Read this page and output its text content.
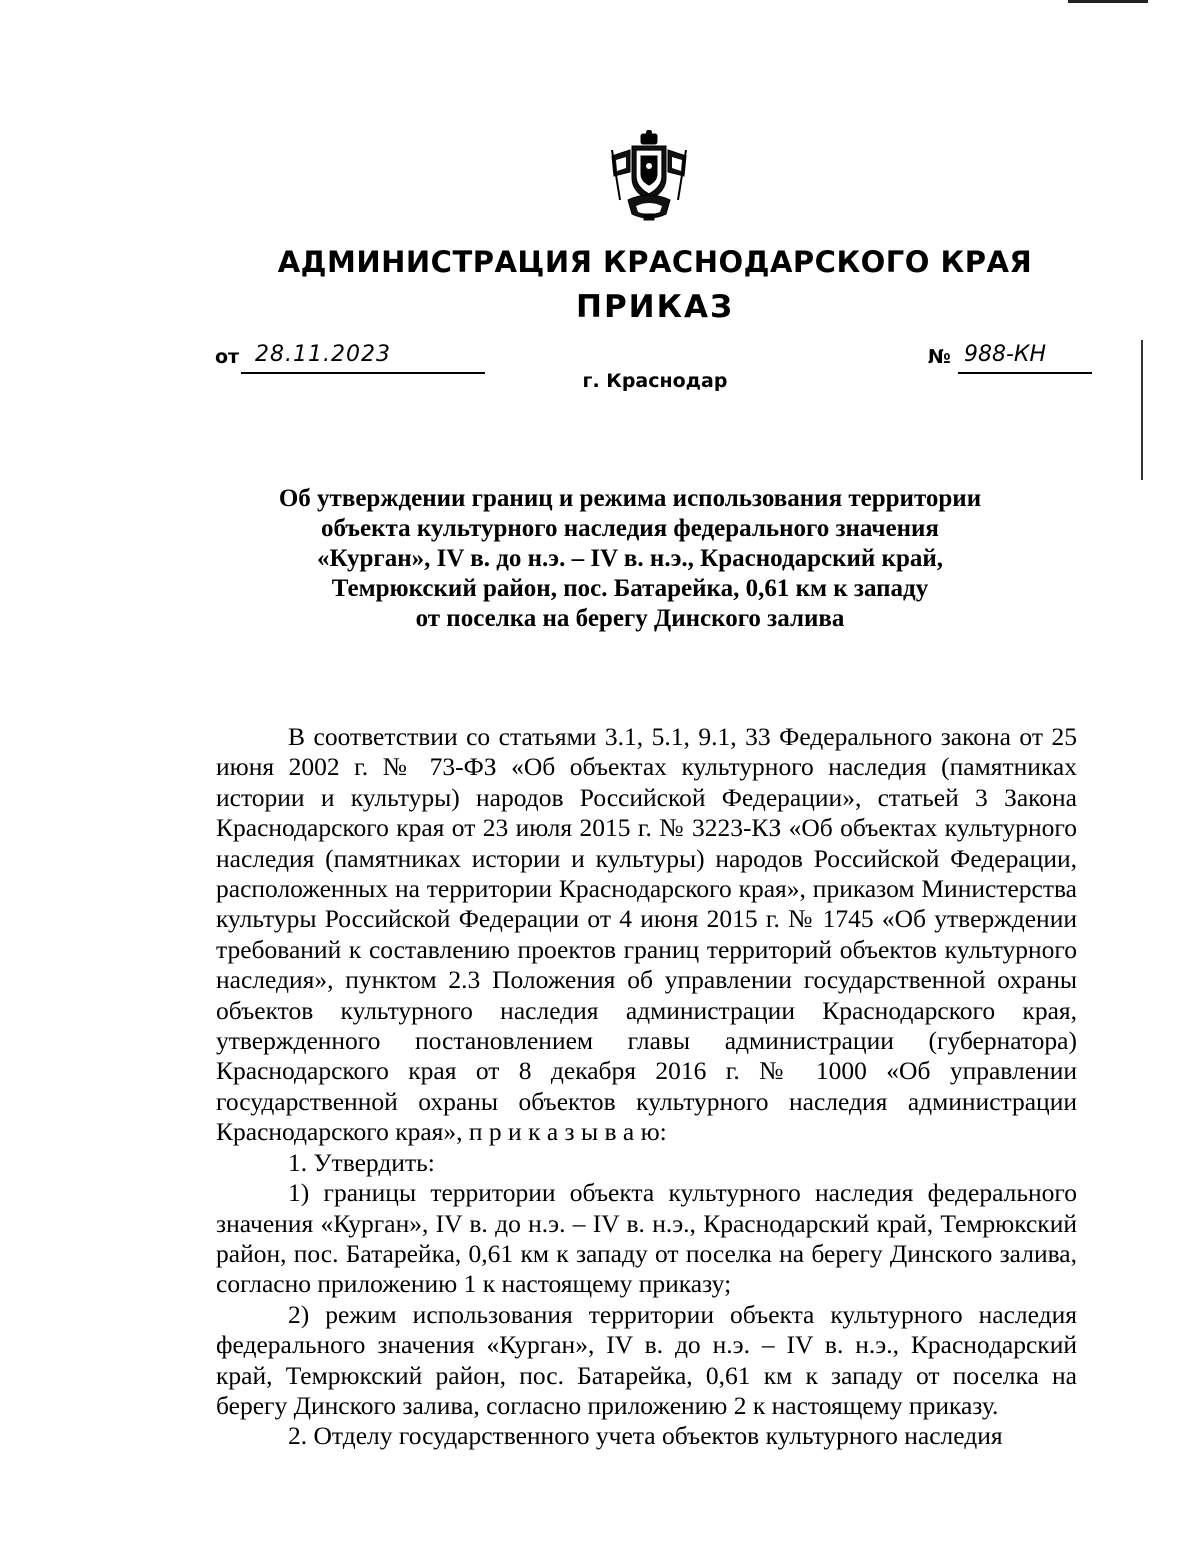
АДМИНИСТРАЦИЯ КРАСНОДАРСКОГО КРАЯ
ПРИКАЗ
от 28.11.2023	№ 988-КН
г. Краснодар
Об утверждении границ и режима использования территории
объекта культурного наследия федерального значения
«Курган», IV в. до н.э. – IV в. н.э., Краснодарский край,
Темрюкский район, пос. Батарейка, 0,61 км к западу
от поселка на берегу Динского залива

В соответствии со статьями 3.1, 5.1, 9.1, 33 Федерального закона от 25 июня 2002 г. № 73-ФЗ «Об объектах культурного наследия (памятниках истории и культуры) народов Российской Федерации», статьей 3 Закона Краснодарского края от 23 июля 2015 г. № 3223-КЗ «Об объектах культурного наследия (памятниках истории и культуры) народов Российской Федерации, расположенных на территории Краснодарского края», приказом Министерства культуры Российской Федерации от 4 июня 2015 г. № 1745 «Об утверждении требований к составлению проектов границ территорий объектов культурного наследия», пунктом 2.3 Положения об управлении государственной охраны объектов культурного наследия администрации Краснодарского края, утвержденного постановлением главы администрации (губернатора) Краснодарского края от 8 декабря 2016 г. № 1000 «Об управлении государственной охраны объектов культурного наследия администрации Краснодарского края», п р и к а з ы в а ю:

1. Утвердить:

1) границы территории объекта культурного наследия федерального значения «Курган», IV в. до н.э. – IV в. н.э., Краснодарский край, Темрюкский район, пос. Батарейка, 0,61 км к западу от поселка на берегу Динского залива, согласно приложению 1 к настоящему приказу;

2) режим использования территории объекта культурного наследия федерального значения «Курган», IV в. до н.э. – IV в. н.э., Краснодарский край, Темрюкский район, пос. Батарейка, 0,61 км к западу от поселка на берегу Динского залива, согласно приложению 2 к настоящему приказу.

2. Отделу государственного учета объектов культурного наследия
